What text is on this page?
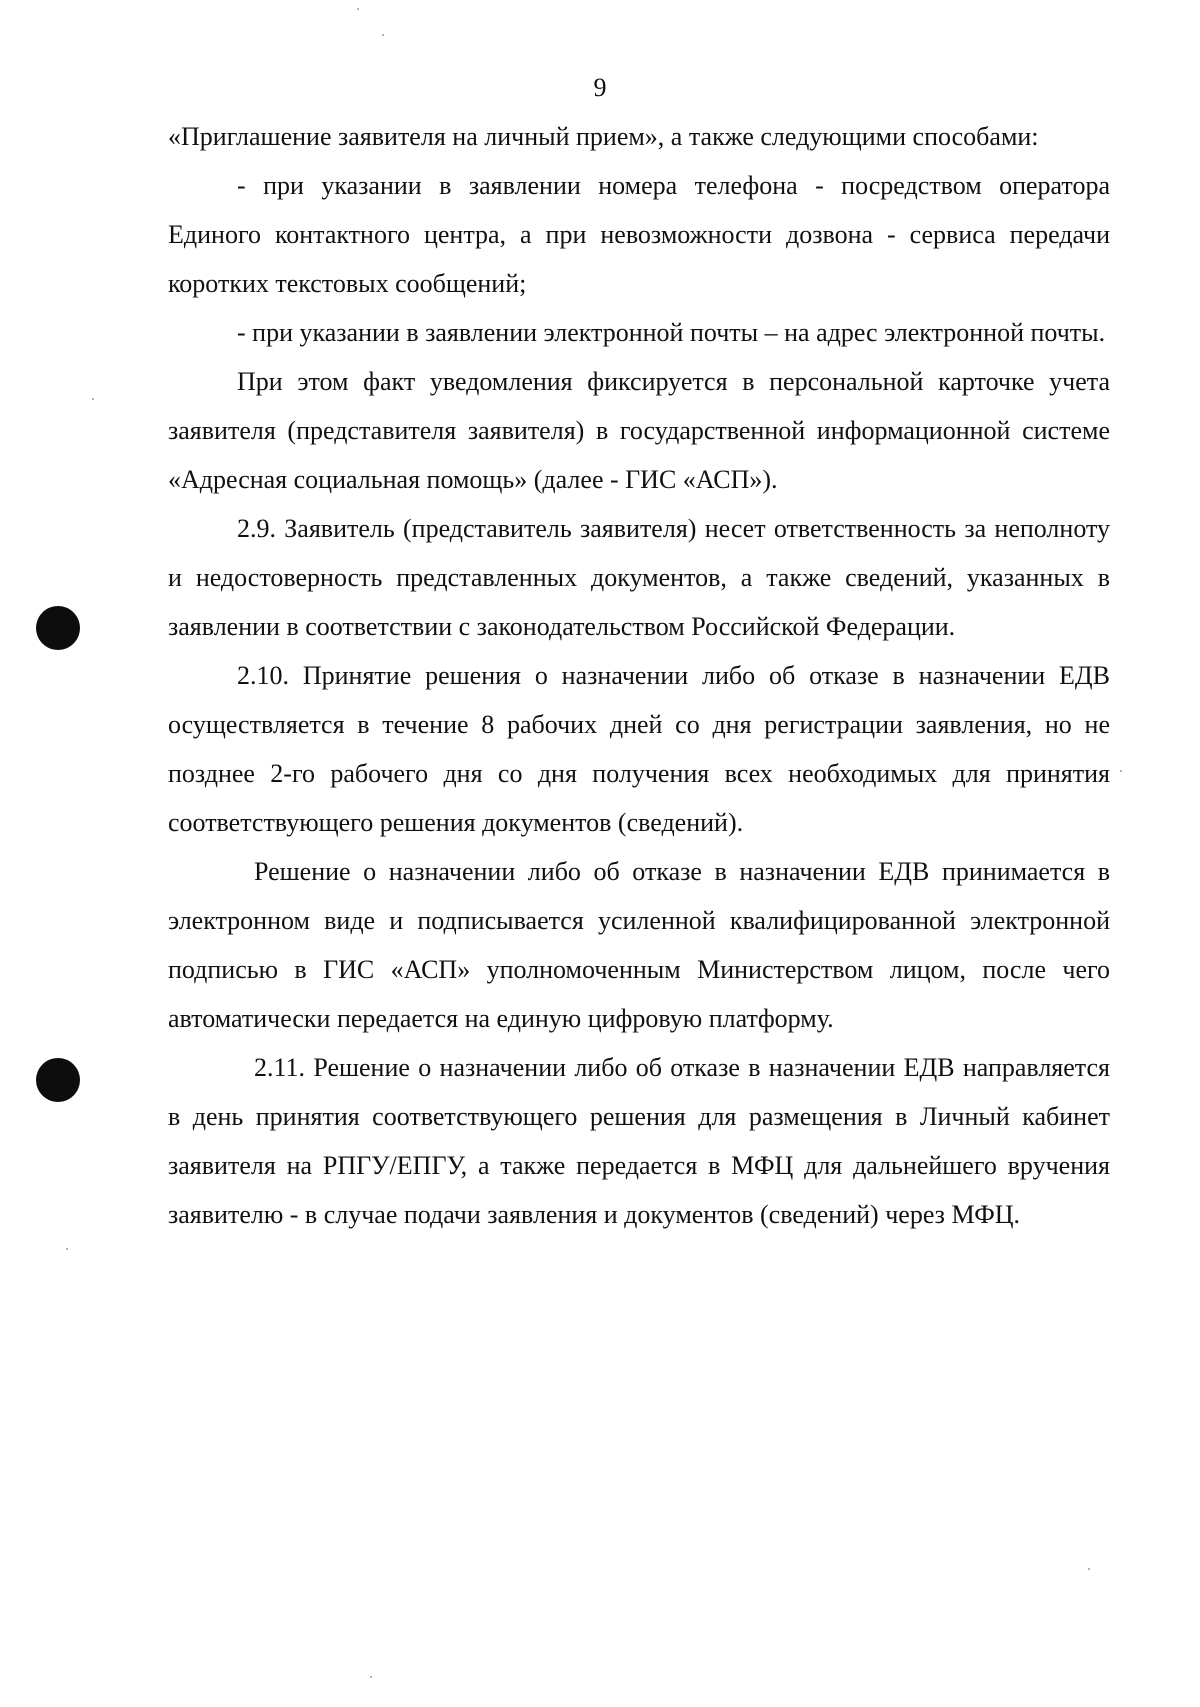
9

«Приглашение заявителя на личный прием», а также следующими способами:

- при указании в заявлении номера телефона - посредством оператора Единого контактного центра, а при невозможности дозвона - сервиса передачи коротких текстовых сообщений;

- при указании в заявлении электронной почты – на адрес электронной почты.

При этом факт уведомления фиксируется в персональной карточке учета заявителя (представителя заявителя) в государственной информационной системе «Адресная социальная помощь» (далее - ГИС «АСП»).

2.9. Заявитель (представитель заявителя) несет ответственность за неполноту и недостоверность представленных документов, а также сведений, указанных в заявлении в соответствии с законодательством Российской Федерации.

2.10. Принятие решения о назначении либо об отказе в назначении ЕДВ осуществляется в течение 8 рабочих дней со дня регистрации заявления, но не позднее 2-го рабочего дня со дня получения всех необходимых для принятия соответствующего решения документов (сведений).

Решение о назначении либо об отказе в назначении ЕДВ принимается в электронном виде и подписывается усиленной квалифицированной электронной подписью в ГИС «АСП» уполномоченным Министерством лицом, после чего автоматически передается на единую цифровую платформу.

2.11. Решение о назначении либо об отказе в назначении ЕДВ направляется в день принятия соответствующего решения для размещения в Личный кабинет заявителя на РПГУ/ЕПГУ, а также передается в МФЦ для дальнейшего вручения заявителю - в случае подачи заявления и документов (сведений) через МФЦ.
